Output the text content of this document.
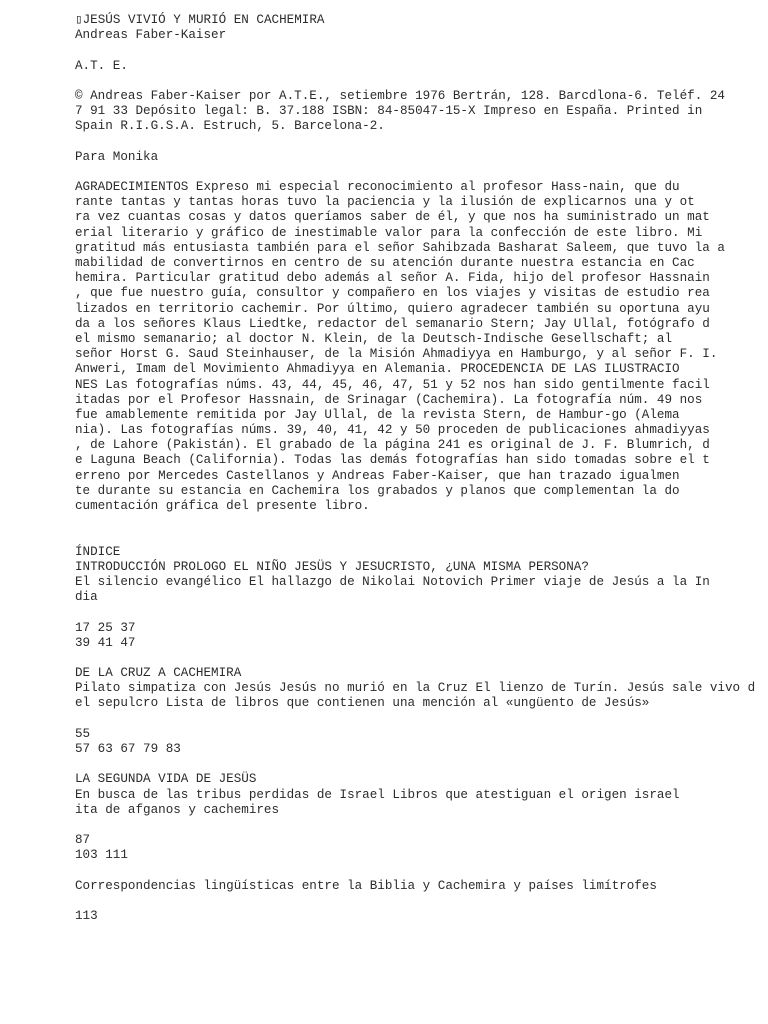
▯JESÚS VIVIÓ Y MURIÓ EN CACHEMIRA
Andreas Faber-Kaiser
A.T. E.
© Andreas Faber-Kaiser por A.T.E., setiembre 1976 Bertrán, 128. Barcdlona-6. Teléf. 24
7 91 33 Depósito legal: B. 37.188 ISBN: 84-85047-15-X Impreso en España. Printed in
Spain R.I.G.S.A. Estruch, 5. Barcelona-2.
Para Monika
AGRADECIMIENTOS Expreso mi especial reconocimiento al profesor Hass-nain, que du
rante tantas y tantas horas tuvo la paciencia y la ilusión de explicarnos una y ot
ra vez cuantas cosas y datos queríamos saber de él, y que nos ha suministrado un mat
erial literario y gráfico de inestimable valor para la confección de este libro. Mi
gratitud más entusiasta también para el señor Sahibzada Basharat Saleem, que tuvo la a
mabilidad de convertirnos en centro de su atención durante nuestra estancia en Cac
hemira. Particular gratitud debo además al señor A. Fida, hijo del profesor Hassnain
, que fue nuestro guía, consultor y compañero en los viajes y visitas de estudio rea
lizados en territorio cachemir. Por último, quiero agradecer también su oportuna ayu
da a los señores Klaus Liedtke, redactor del semanario Stern; Jay Ullal, fotógrafo d
el mismo semanario; al doctor N. Klein, de la Deutsch-Indische Gesellschaft; al
señor Horst G. Saud Steinhauser, de la Misión Ahmadiyya en Hamburgo, y al señor F. I.
Anweri, Imam del Movimiento Ahmadiyya en Alemania. PROCEDENCIA DE LAS ILUSTRACIO
NES Las fotografías núms. 43, 44, 45, 46, 47, 51 y 52 nos han sido gentilmente facil
itadas por el Profesor Hassnain, de Srinagar (Cachemira). La fotografía núm. 49 nos
fue amablemente remitida por Jay Ullal, de la revista Stern, de Hambur-go (Alema
nia). Las fotografías núms. 39, 40, 41, 42 y 50 proceden de publicaciones ahmadiyyas
, de Lahore (Pakistán). El grabado de la página 241 es original de J. F. Blumrich, d
e Laguna Beach (California). Todas las demás fotografías han sido tomadas sobre el t
erreno por Mercedes Castellanos y Andreas Faber-Kaiser, que han trazado igualmen
te durante su estancia en Cachemira los grabados y planos que complementan la do
cumentación gráfica del presente libro.
ÍNDICE
INTRODUCCIÓN PROLOGO EL NIÑO JESÜS Y JESUCRISTO, ¿UNA MISMA PERSONA?
El silencio evangélico El hallazgo de Nikolai Notovich Primer viaje de Jesús a la In
dia
17 25 37
39 41 47
DE LA CRUZ A CACHEMIRA
Pilato simpatiza con Jesús Jesús no murió en la Cruz El lienzo de Turín. Jesús sale vivo d
el sepulcro Lista de libros que contienen una mención al «ungüento de Jesús»
55
57 63 67 79 83
LA SEGUNDA VIDA DE JESÜS
En busca de las tribus perdidas de Israel Libros que atestiguan el origen israel
ita de afganos y cachemires
87
103 111
Correspondencias lingüísticas entre la Biblia y Cachemira y países limítrofes
113
